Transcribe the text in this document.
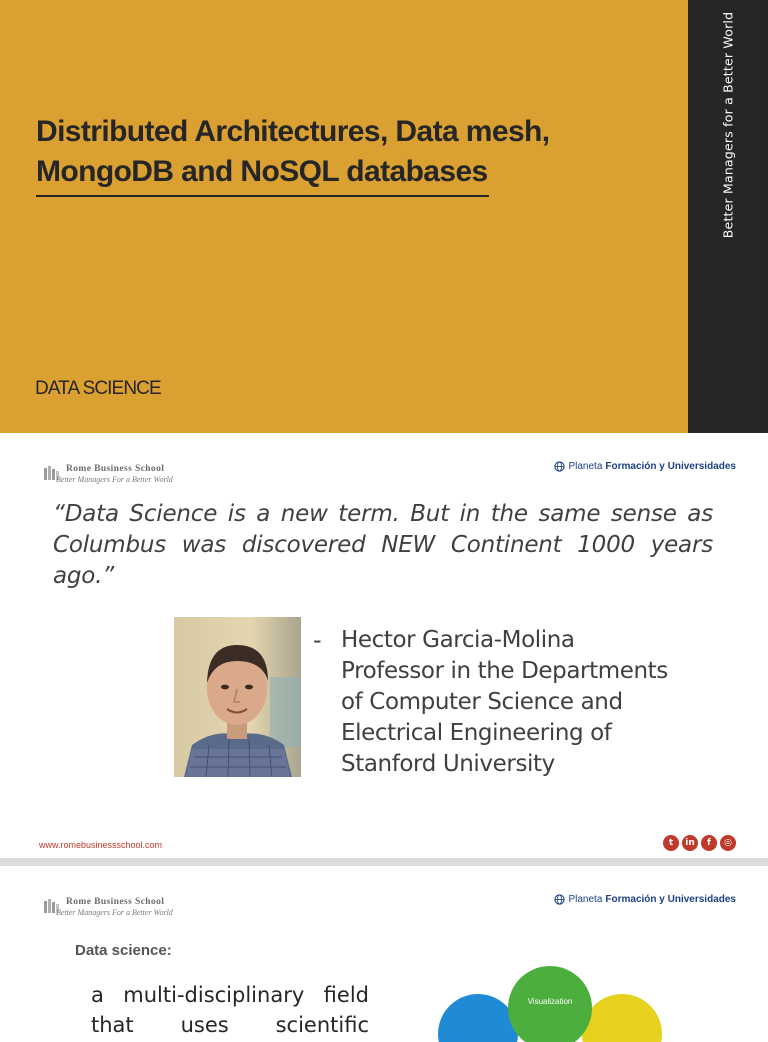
Distributed Architectures, Data mesh,
MongoDB and NoSQL databases
DATA SCIENCE
Better Managers for a Better World
Rome Business School
Better Managers For a Better World
Planeta Formación y Universidades
“Data Science is a new term. But in the same sense as Columbus was discovered NEW Continent 1000 years ago.”
- Hector Garcia-Molina
Professor in the Departments
of Computer Science and
Electrical Engineering of
Stanford University
www.romebusinessschool.com	t	in	f	◎
Rome Business School
Better Managers For a Better World
Planeta Formación y Universidades
Data science:
a multi-disciplinary field that uses scientific
Visualization
